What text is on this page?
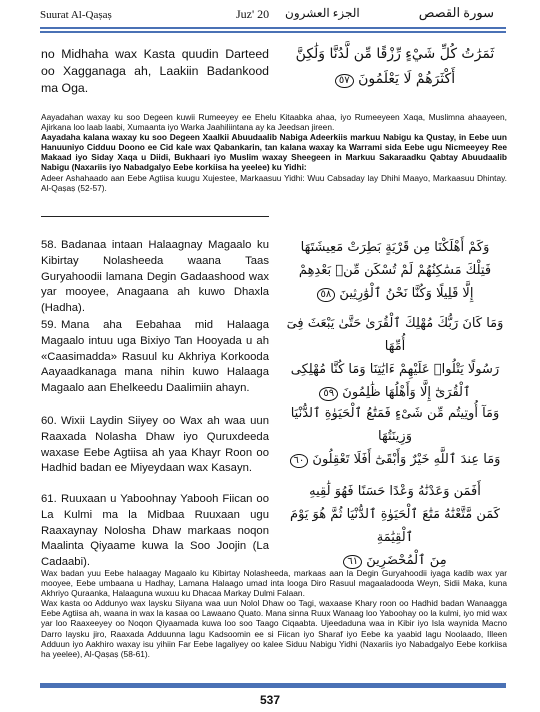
Suurat Al-Qaṣaṣ	Juz' 20 الجزء العشرون	سورة القصص
no Midhaha wax Kasta quudin Darteed oo Xagganaga ah, Laakiin Badankood ma Oga.
ثَمَرَٰتُ كُلِّ شَيْءٍ رِّزْقًا مِّن لَّدُنَّا وَلَٰكِنَّ
أَكْثَرَهُمْ لَا يَعْلَمُونَ ٥٧

Aayadahan waxay ku soo Degeen kuwii Rumeeyey ee Ehelu Kitaabka ahaa, iyo Rumeeyeen Xaqa, Muslimna ahaayeen, Ajirkana loo laab laabi, Xumaanta iyo Warka Jaahiliintana ay ka Jeedsan jireen.

Aayadaha kalana waxay ku soo Degeen Xaalkii Abuudaalib Nabiga Adeerkiis markuu Nabigu ka Qustay, in Eebe uun Hanuuniyo Cidduu Doono ee Cid kale wax Qabankarin, tan kalana waxay ka Warrami sida Eebe ugu Nicmeeyey Ree Makaad iyo Siday Xaqa u Diidi, Bukhaari iyo Muslim waxay Sheegeen in Markuu Sakaraadku Qabtay Abuudaalib Nabigu (Naxariis iyo Nabadgalyo Eebe korkiisa ha yeelee) ku Yidhi:

Adeer Ashahaado aan Eebe Agtiisa kuugu Xujestee, Markaasuu Yidhi: Wuu Cabsaday lay Dhihi Maayo, Markaasuu Dhintay. Al-Qaṣaṣ (52-57).

58. Badanaa intaan Halaagnay Magaalo ku Kibirtay Nolasheeda waana Taas Guryahoodii lamana Degin Gadaashood wax yar mooyee, Anagaana ah kuwo Dhaxla (Hadha).
وَكَمْ أَهْلَكْنَا مِن قَرْيَةٍ بَطِرَتْ مَعِيشَتَهَا
فَتِلْكَ مَسَٰكِنُهُمْ لَمْ تُسْكَن مِّنۢ بَعْدِهِمْ
إِلَّا قَلِيلًا وَكُنَّا نَحْنُ ٱلْوَٰرِثِينَ ٥٨
59. Mana aha Eebahaa mid Halaaga Magaalo intuu uga Bixiyo Tan Hooyada u ah «Caasimadda» Rasuul ku Akhriya Korkooda Aayaadkanaga mana nihin kuwo Halaaga Magaalo aan Ehelkeedu Daalimiin ahayn.
وَمَا كَانَ رَبُّكَ مُهْلِكَ ٱلْقُرَىٰ حَتَّىٰ يَبْعَثَ فِىٓ أُمِّهَا
رَسُولًا يَتْلُوا۟ عَلَيْهِمْ ءَايَٰتِنَا وَمَا كُنَّا مُهْلِكِى
ٱلْقُرَىٰٓ إِلَّا وَأَهْلُهَا ظَٰلِمُونَ ٥٩
60. Wixii Laydin Siiyey oo Wax ah waa uun Raaxada Nolasha Dhaw iyo Quruxdeeda waxase Eebe Agtiisa ah yaa Khayr Roon oo Hadhid badan ee Miyeydaan wax Kasayn.
وَمَآ أُوتِيتُم مِّن شَىْءٍ فَمَتَٰعُ ٱلْحَيَوٰةِ ٱلدُّنْيَا وَزِينَتُهَا
وَمَا عِندَ ٱللَّهِ خَيْرٌ وَأَبْقَىٰٓ أَفَلَا تَعْقِلُونَ ٦٠
61. Ruuxaan u Yaboohnay Yabooh Fiican oo La Kulmi ma la Midbaa Ruuxaan ugu Raaxaynay Nolosha Dhaw markaas noqon Maalinta Qiyaame kuwa la Soo Joojin (La Cadaabi).
أَفَمَن وَعَدْنَٰهُ وَعْدًا حَسَنًا فَهُوَ لَٰقِيهِ
كَمَن مَّتَّعْنَٰهُ مَتَٰعَ ٱلْحَيَوٰةِ ٱلدُّنْيَا ثُمَّ هُوَ يَوْمَ ٱلْقِيَٰمَةِ
مِنَ ٱلْمُحْضَرِينَ ٦١

Wax badan yuu Eebe halaagay Magaalo ku Kibirtay Nolasheeda, markaas aan la Degin Guryahoodii iyaga kadib wax yar mooyee, Eebe umbaana u Hadhay, Lamana Halaago umad inta looga Diro Rasuul magaaladooda Weyn, Sidii Maka, kuna Akhriyo Quraanka, Halaaguna wuxuu ku Dhacaa Markay Dulmi Falaan.

Wax kasta oo Addunyo wax laysku Siiyana waa uun Nolol Dhaw oo Tagi, waxaase Khary roon oo Hadhid badan Wanaagga Eebe Agtiisa ah, waana in wax la kasaa oo Lawaano Quato. Mana sinna Ruux Wanaag loo Yaboohay oo la kulmi, iyo mid wax yar loo Raaxeeyey oo Noqon Qiyaamada kuwa loo soo Taago Ciqaabta. Ujeedaduna waa in Kibir iyo Isla waynida Macno Darro laysku jiro, Raaxada Adduunna lagu Kadsoomin ee si Fiican iyo Sharaf iyo Eebe ka yaabid lagu Noolaado, Illeen Adduun iyo Aakhiro waxay isu yihiin Far Eebe lagaliyey oo kalee Siduu Nabigu Yidhi (Naxariis iyo Nabadgalyo Eebe korkiisa ha yeelee), Al-Qaṣaṣ (58-61).

537
